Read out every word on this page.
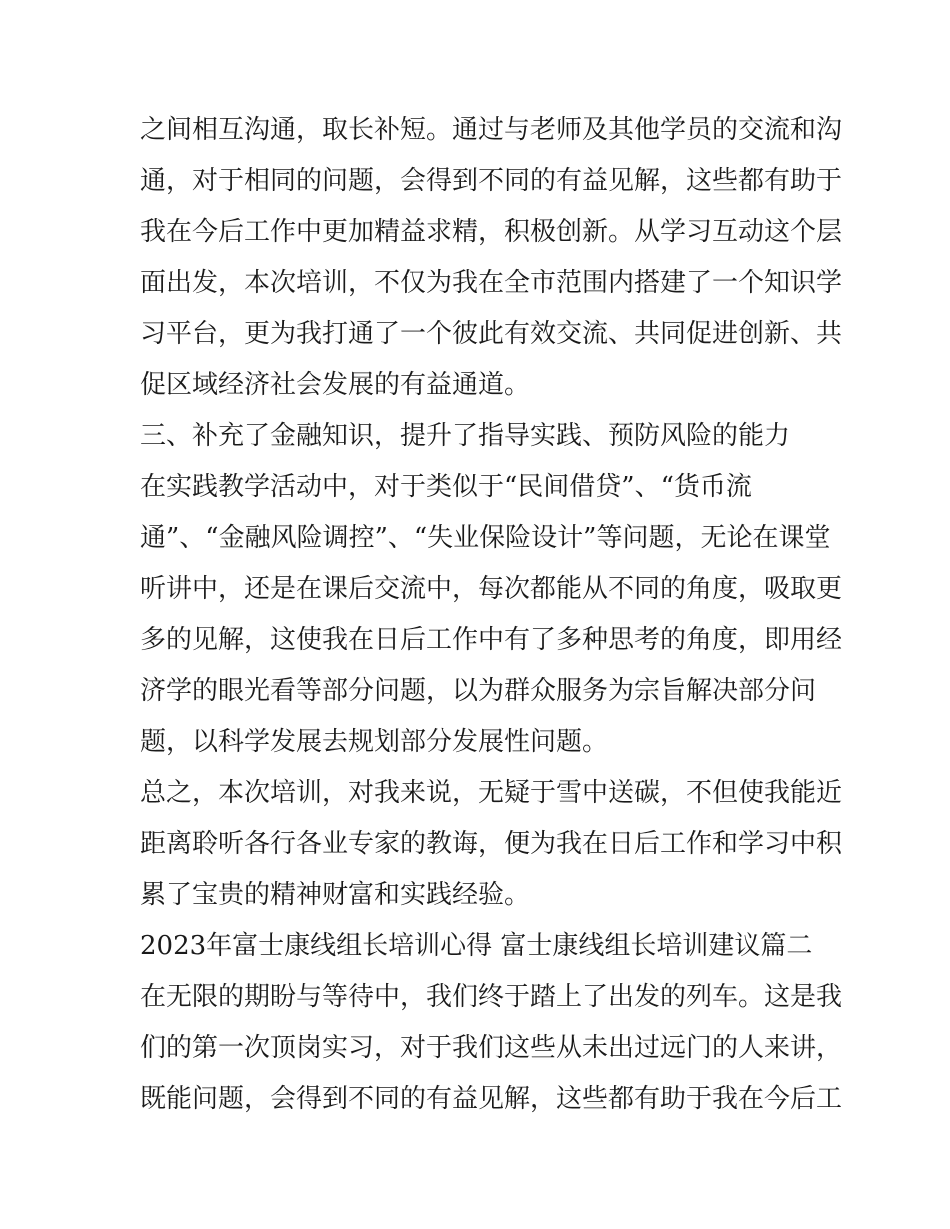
之间相互沟通，取长补短。通过与老师及其他学员的交流和沟
通，对于相同的问题，会得到不同的有益见解，这些都有助于
我在今后工作中更加精益求精，积极创新。从学习互动这个层
面出发，本次培训，不仅为我在全市范围内搭建了一个知识学
习平台，更为我打通了一个彼此有效交流、共同促进创新、共
促区域经济社会发展的有益通道。
三、补充了金融知识，提升了指导实践、预防风险的能力
在实践教学活动中，对于类似于“民间借贷”、“货币流
通”、“金融风险调控”、“失业保险设计”等问题，无论在课堂
听讲中，还是在课后交流中，每次都能从不同的角度，吸取更
多的见解，这使我在日后工作中有了多种思考的角度，即用经
济学的眼光看等部分问题，以为群众服务为宗旨解决部分问
题，以科学发展去规划部分发展性问题。
总之，本次培训，对我来说，无疑于雪中送碳，不但使我能近
距离聆听各行各业专家的教诲，便为我在日后工作和学习中积
累了宝贵的精神财富和实践经验。
2023年富士康线组长培训心得 富士康线组长培训建议篇二
在无限的期盼与等待中，我们终于踏上了出发的列车。这是我
们的第一次顶岗实习，对于我们这些从未出过远门的人来讲，
既能问题，会得到不同的有益见解，这些都有助于我在今后工
